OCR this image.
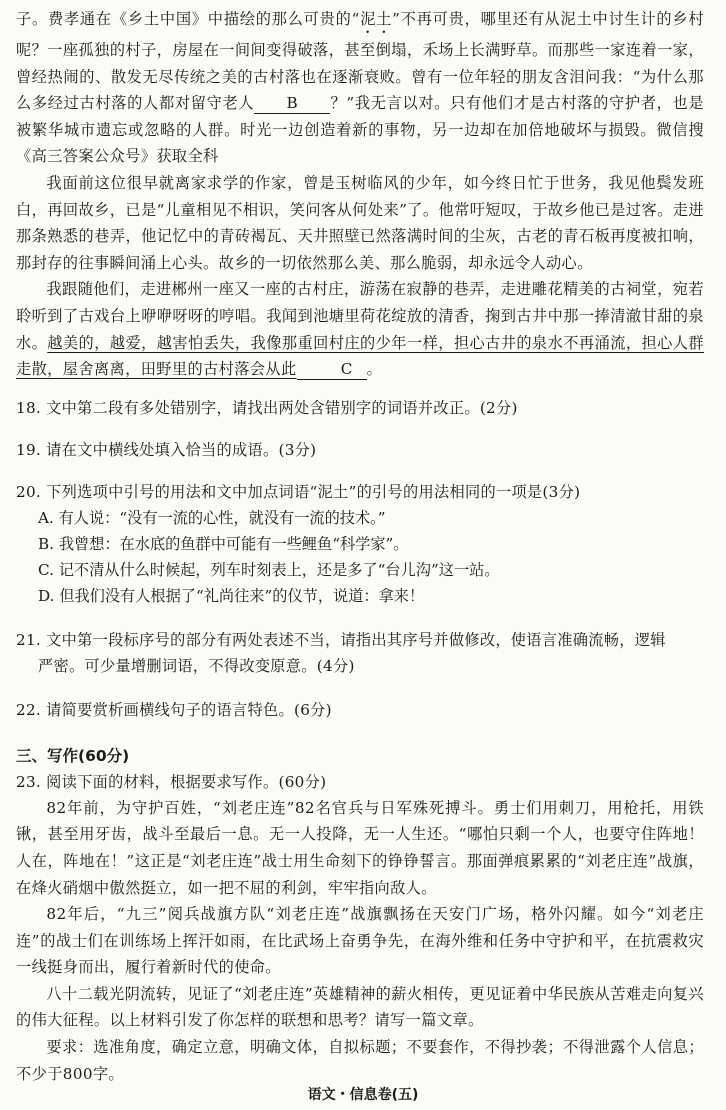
子。费孝通在《乡土中国》中描绘的那么可贵的“泥土”不再可贵，哪里还有从泥土中讨生计的乡村呢？一座孤独的村子，房屋在一间间变得破落，甚至倒塌，禾场上长满野草。而那些一家连着一家，曾经热闹的、散发无尽传统之美的古村落也在逐渐衰败。曾有一位年轻的朋友含泪问我：“为什么那么多经过古村落的人都对留守老人 B ？”我无言以对。只有他们才是古村落的守护者，也是被繁华城市遗忘或忽略的人群。时光一边创造着新的事物，另一边却在加倍地破坏与损毁。微信搜《高三答案公众号》获取全科

我面前这位很早就离家求学的作家，曾是玉树临风的少年，如今终日忙于世务，我见他鬓发班白，再回故乡，已是“儿童相见不相识，笑问客从何处来”了。他常吁短叹，于故乡他已是过客。走进那条熟悉的巷弄，他记忆中的青砖褐瓦、天井照壁已然落满时间的尘灰，古老的青石板再度被扣响，那封存的往事瞬间涌上心头。故乡的一切依然那么美、那么脆弱，却永远令人动心。

我跟随他们，走进郴州一座又一座的古村庄，游荡在寂静的巷弄，走进雕花精美的古祠堂，宛若聆听到了古戏台上咿咿呀呀的哼唱。我闻到池塘里荷花绽放的清香，掬到古井中那一捧清澈甘甜的泉水。越美的，越爱，越害怕丢失，我像那重回村庄的少年一样，担心古井的泉水不再涌流，担心人群走散，屋舍离离，田野里的古村落会从此	C 。

18. 文中第二段有多处错别字，请找出两处含错别字的词语并改正。(2分)

19. 请在文中横线处填入恰当的成语。(3分)

20. 下列选项中引号的用法和文中加点词语“泥土”的引号的用法相同的一项是(3分)

A. 有人说：“没有一流的心性，就没有一流的技术。”

B. 我曾想：在水底的鱼群中可能有一些鲤鱼“科学家”。

C. 记不清从什么时候起，列车时刻表上，还是多了“台儿沟”这一站。

D. 但我们没有人根据了“礼尚往来”的仪节，说道：拿来！

21. 文中第一段标序号的部分有两处表述不当，请指出其序号并做修改，使语言准确流畅，逻辑

严密。可少量增删词语，不得改变原意。(4分)

22. 请简要赏析画横线句子的语言特色。(6分)

三、写作(60分)

23. 阅读下面的材料，根据要求写作。(60分)

82年前，为守护百姓，“刘老庄连”82名官兵与日军殊死搏斗。勇士们用刺刀，用枪托，用铁锹，甚至用牙齿，战斗至最后一息。无一人投降，无一人生还。“哪怕只剩一个人，也要守住阵地！人在，阵地在！”这正是“刘老庄连”战士用生命刻下的铮铮誓言。那面弹痕累累的“刘老庄连”战旗，在烽火硝烟中傲然挺立，如一把不屈的利剑，牢牢指向敌人。

82年后，“九三”阅兵战旗方队“刘老庄连”战旗飘扬在天安门广场，格外闪耀。如今“刘老庄连”的战士们在训练场上挥汗如雨，在比武场上奋勇争先，在海外维和任务中守护和平，在抗震救灾一线挺身而出，履行着新时代的使命。

八十二载光阴流转，见证了“刘老庄连”英雄精神的薪火相传，更见证着中华民族从苦难走向复兴的伟大征程。以上材料引发了你怎样的联想和思考？请写一篇文章。

要求：选准角度，确定立意，明确文体，自拟标题；不要套作，不得抄袭；不得泄露个人信息；不少于800字。

语文・信息卷(五)
